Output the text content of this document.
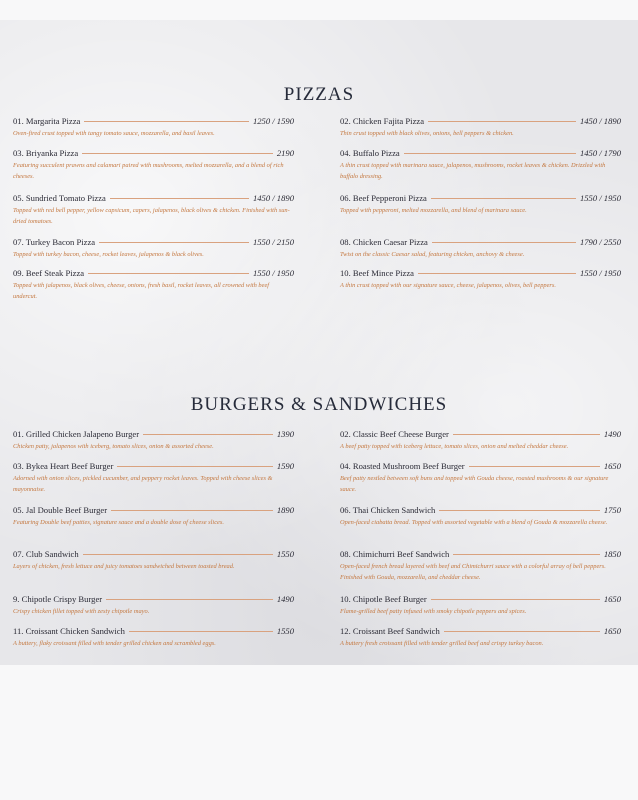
PIZZAS
01. Margarita Pizza	1250 / 1590
Oven-fired crust topped with tangy tomato sauce, mozzarella, and basil leaves.
02. Chicken Fajita Pizza	1450 / 1890
Thin crust topped with black olives, onions, bell peppers & chicken.
03. Briyanka Pizza	2190
Featuring succulent prawns and calamari paired with mushrooms, melted mozzarella, and a blend of rich cheeses.
04. Buffalo Pizza	1450 / 1790
A thin crust topped with marinara sauce, jalapenos, mushrooms, rocket leaves & chicken. Drizzled with buffalo dressing.
05. Sundried Tomato Pizza	1450 / 1890
Topped with red bell pepper, yellow capsicum, capers, jalapenos, black olives & chicken. Finished with sun-dried tomatoes.
06. Beef Pepperoni Pizza	1550 / 1950
Topped with pepperoni, melted mozzarella, and blend of marinara sauce.
07. Turkey Bacon Pizza	1550 / 2150
Topped with turkey bacon, cheese, rocket leaves, jalapenos & black olives.
08. Chicken Caesar Pizza	1790 / 2550
Twist on the classic Caesar salad, featuring chicken, anchovy & cheese.
09. Beef Steak Pizza	1550 / 1950
Topped with jalapenos, black olives, cheese, onions, fresh basil, rocket leaves, all crowned with beef undercut.
10. Beef Mince Pizza	1550 / 1950
A thin crust topped with our signature sauce, cheese, jalapenos, olives, bell peppers.
BURGERS & SANDWICHES
01. Grilled Chicken Jalapeno Burger	1390
Chicken patty, jalapenos with iceberg, tomato slices, onion & assorted cheese.
02. Classic Beef Cheese Burger	1490
A beef patty topped with iceberg lettuce, tomato slices, onion and melted cheddar cheese.
03. Bykea Heart Beef Burger	1590
Adorned with onion slices, pickled cucumber, and peppery rocket leaves. Topped with cheese slices & mayonnaise.
04. Roasted Mushroom Beef Burger	1650
Beef patty nestled between soft buns and topped with Gouda cheese, roasted mushrooms & our signature sauce.
05. Jal Double Beef Burger	1890
Featuring Double beef patties, signature sauce and a double dose of cheese slices.
06. Thai Chicken Sandwich	1750
Open-faced ciabatta bread. Topped with assorted vegetable with a blend of Gouda & mozzarella cheese.
07. Club Sandwich	1550
Layers of chicken, fresh lettuce and juicy tomatoes sandwiched between toasted bread.
08. Chimichurri Beef Sandwich	1850
Open-faced french bread layered with beef and Chimichurri sauce with a colorful array of bell peppers. Finished with Gouda, mozzarella, and cheddar cheese.
9. Chipotle Crispy Burger	1490
Crispy chicken fillet topped with zesty chipotle mayo.
10. Chipotle Beef Burger	1650
Flame-grilled beef patty infused with smoky chipotle peppers and spices.
11. Croissant Chicken Sandwich	1550
A buttery, flaky croissant filled with tender grilled chicken and scrambled eggs.
12. Croissant Beef Sandwich	1650
A buttery fresh croissant filled with tender grilled beef and crispy turkey bacon.
